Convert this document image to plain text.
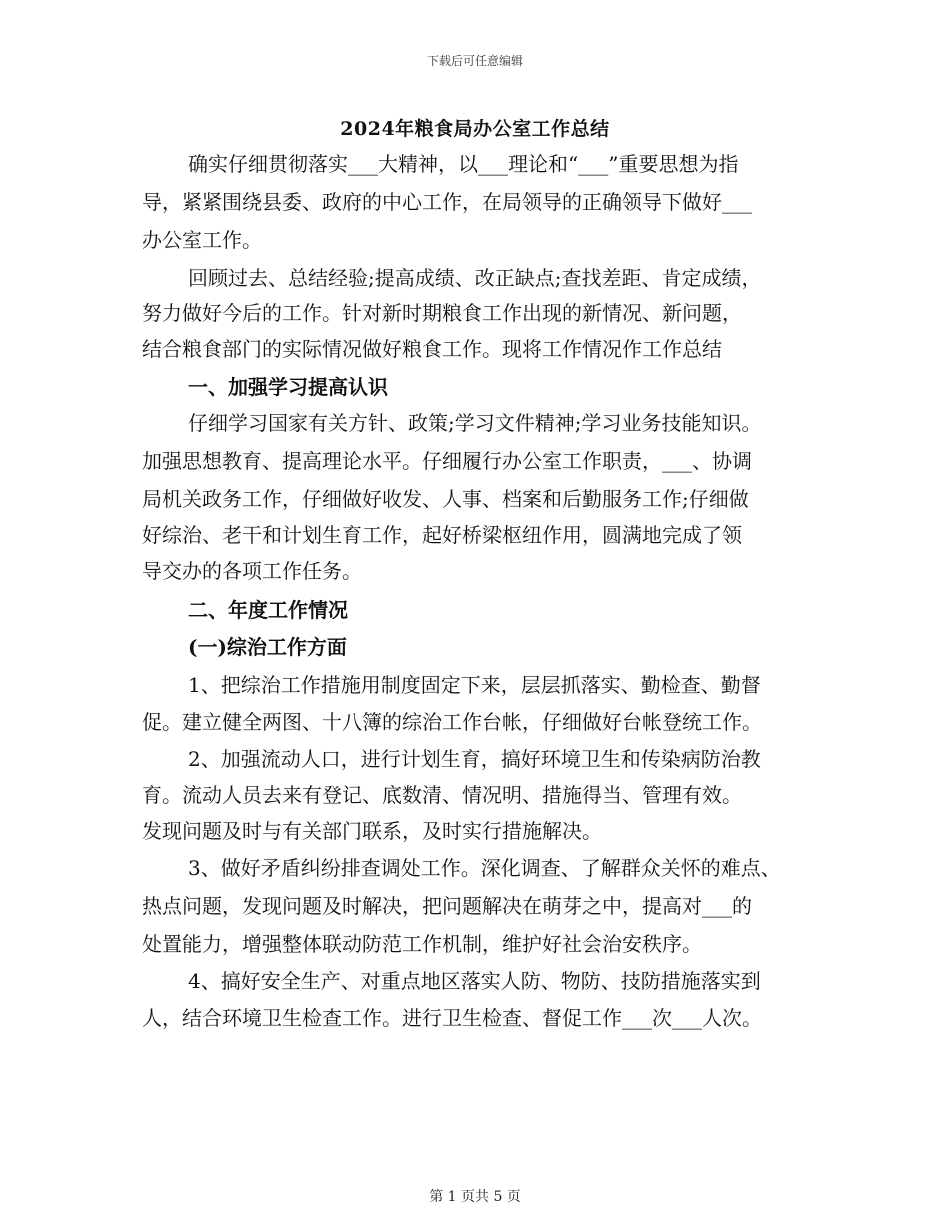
下载后可任意编辑
2024年粮食局办公室工作总结
确实仔细贯彻落实___大精神，以___理论和“___”重要思想为指
导，紧紧围绕县委、政府的中心工作，在局领导的正确领导下做好___
办公室工作。
回顾过去、总结经验;提高成绩、改正缺点;查找差距、肯定成绩，
努力做好今后的工作。针对新时期粮食工作出现的新情况、新问题，
结合粮食部门的实际情况做好粮食工作。现将工作情况作工作总结
一、加强学习提高认识
仔细学习国家有关方针、政策;学习文件精神;学习业务技能知识。
加强思想教育、提高理论水平。仔细履行办公室工作职责，___、协调
局机关政务工作，仔细做好收发、人事、档案和后勤服务工作;仔细做
好综治、老干和计划生育工作，起好桥梁枢纽作用，圆满地完成了领
导交办的各项工作任务。
二、年度工作情况
(一)综治工作方面
1、把综治工作措施用制度固定下来，层层抓落实、勤检查、勤督
促。建立健全两图、十八簿的综治工作台帐，仔细做好台帐登统工作。
2、加强流动人口，进行计划生育，搞好环境卫生和传染病防治教
育。流动人员去来有登记、底数清、情况明、措施得当、管理有效。
发现问题及时与有关部门联系，及时实行措施解决。
3、做好矛盾纠纷排查调处工作。深化调查、了解群众关怀的难点、
热点问题，发现问题及时解决，把问题解决在萌芽之中，提高对___的
处置能力，增强整体联动防范工作机制，维护好社会治安秩序。
4、搞好安全生产、对重点地区落实人防、物防、技防措施落实到
人，结合环境卫生检查工作。进行卫生检查、督促工作___次___人次。
第 1 页共 5 页
